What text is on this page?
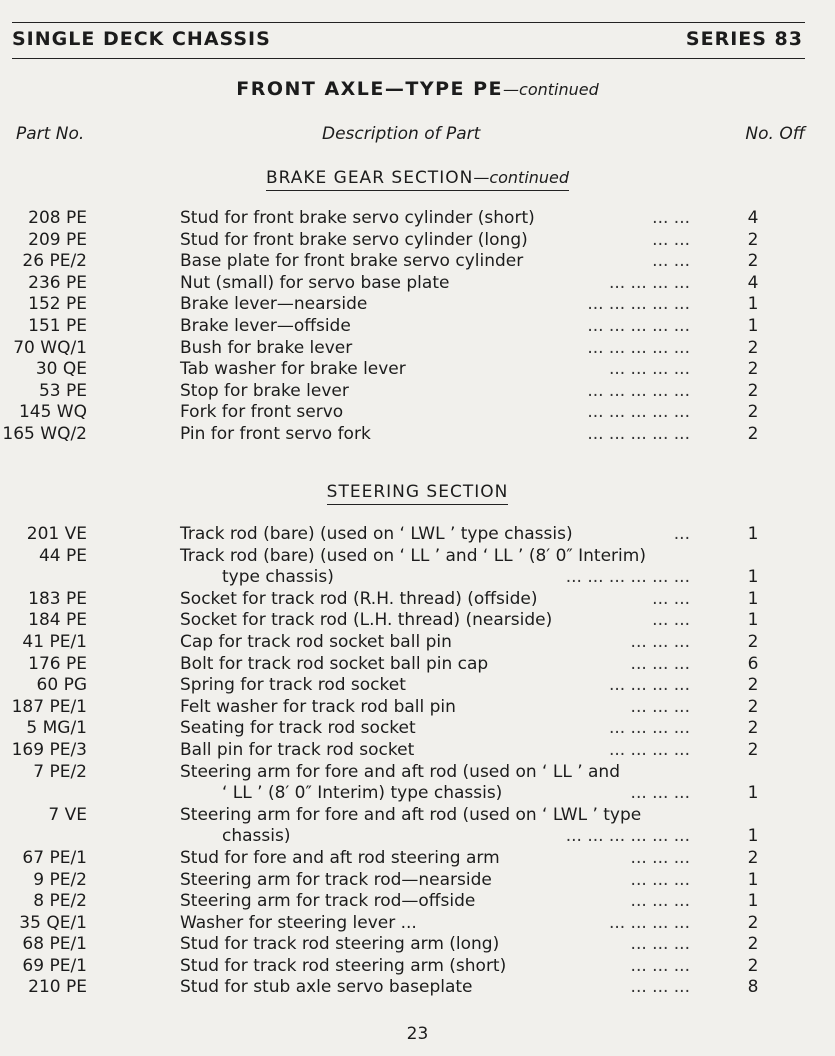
SINGLE DECK CHASSIS	SERIES 83
FRONT AXLE—TYPE PE—continued
Part No.	Description of Part	No. Off
BRAKE GEAR SECTION—continued
208 PE	Stud for front brake servo cylinder (short)	... ...	4
209 PE	Stud for front brake servo cylinder (long)	... ...	2
26 PE/2	Base plate for front brake servo cylinder	... ...	2
236 PE	Nut (small) for servo base plate	... ... ... ...	4
152 PE	Brake lever—nearside	... ... ... ... ...	1
151 PE	Brake lever—offside	... ... ... ... ...	1
70 WQ/1	Bush for brake lever	... ... ... ... ...	2
30 QE	Tab washer for brake lever	... ... ... ...	2
53 PE	Stop for brake lever	... ... ... ... ...	2
145 WQ	Fork for front servo	... ... ... ... ...	2
165 WQ/2	Pin for front servo fork	... ... ... ... ...	2
STEERING SECTION
201 VE	Track rod (bare) (used on ‘ LWL ’ type chassis)	...	1
44 PE	Track rod (bare) (used on ‘ LL ’ and ‘ LL ’ (8′ 0″ Interim)
type chassis)	... ... ... ... ... ...	1
183 PE	Socket for track rod (R.H. thread) (offside)	... ...	1
184 PE	Socket for track rod (L.H. thread) (nearside)	... ...	1
41 PE/1	Cap for track rod socket ball pin	... ... ...	2
176 PE	Bolt for track rod socket ball pin cap	... ... ...	6
60 PG	Spring for track rod socket	... ... ... ...	2
187 PE/1	Felt washer for track rod ball pin	... ... ...	2
5 MG/1	Seating for track rod socket	... ... ... ...	2
169 PE/3	Ball pin for track rod socket	... ... ... ...	2
7 PE/2	Steering arm for fore and aft rod (used on ‘ LL ’ and
‘ LL ’ (8′ 0″ Interim) type chassis)	... ... ...	1
7 VE	Steering arm for fore and aft rod (used on ‘ LWL ’ type
chassis)	... ... ... ... ... ...	1
67 PE/1	Stud for fore and aft rod steering arm	... ... ...	2
9 PE/2	Steering arm for track rod—nearside	... ... ...	1
8 PE/2	Steering arm for track rod—offside	... ... ...	1
35 QE/1	Washer for steering lever ...	... ... ... ...	2
68 PE/1	Stud for track rod steering arm (long)	... ... ...	2
69 PE/1	Stud for track rod steering arm (short)	... ... ...	2
210 PE	Stud for stub axle servo baseplate	... ... ...	8
23
